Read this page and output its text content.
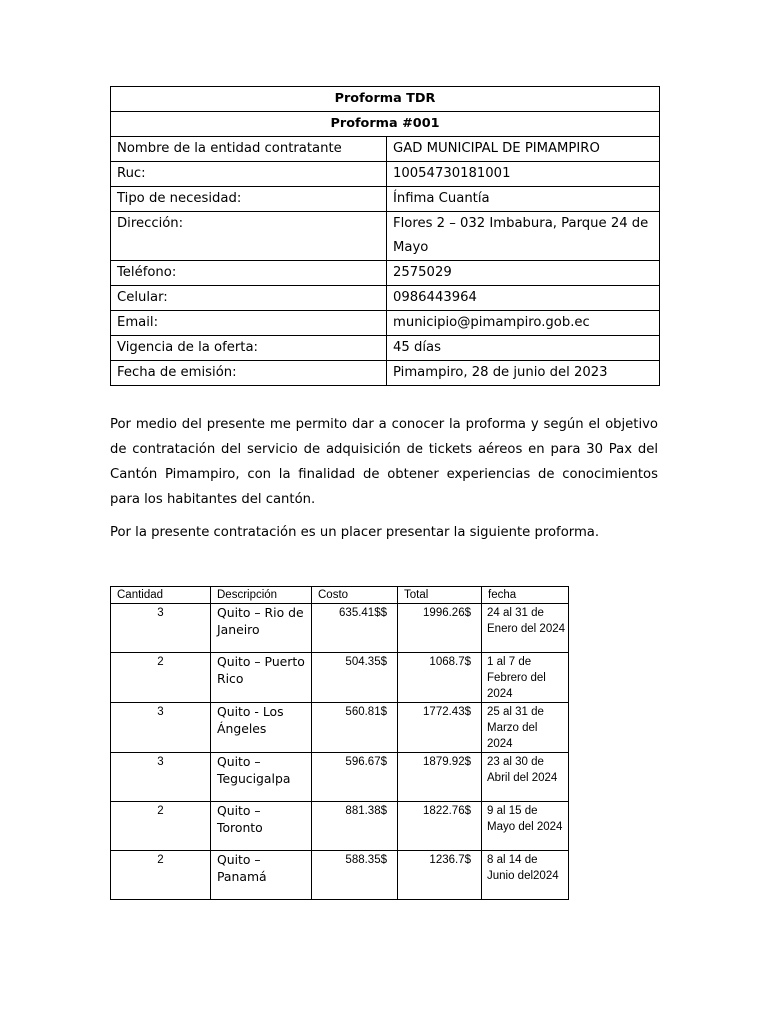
Proforma TDR	
Proforma #001	
Nombre de la entidad contratante	GAD MUNICIPAL DE PIMAMPIRO
Ruc:	10054730181001
Tipo de necesidad:	Ínfima Cuantía
Dirección:	Flores 2 – 032 Imbabura, Parque 24 de Mayo
Teléfono:	2575029
Celular:	0986443964
Email:	municipio@pimampiro.gob.ec
Vigencia de la oferta:	45 días
Fecha de emisión:	Pimampiro, 28 de junio del 2023

Por medio del presente me permito dar a conocer la proforma y según el objetivo de contratación del servicio de adquisición de tickets aéreos en para 30 Pax del Cantón Pimampiro, con la finalidad de obtener experiencias de conocimientos para los habitantes del cantón.

Por la presente contratación es un placer presentar la siguiente proforma.

Cantidad	Descripción	Costo	Total	fecha
3	Quito – Rio de Janeiro	635.41$$	1996.26$	24 al 31 de Enero del 2024
2	Quito – Puerto Rico	504.35$	1068.7$	1 al 7 de Febrero del 2024
3	Quito - Los Ángeles	560.81$	1772.43$	25 al 31 de Marzo del 2024
3	Quito – Tegucigalpa	596.67$	1879.92$	23 al 30 de Abril del 2024
2	Quito – Toronto	881.38$	1822.76$	9 al 15 de Mayo del 2024
2	Quito – Panamá	588.35$	1236.7$	8 al 14 de Junio del2024
